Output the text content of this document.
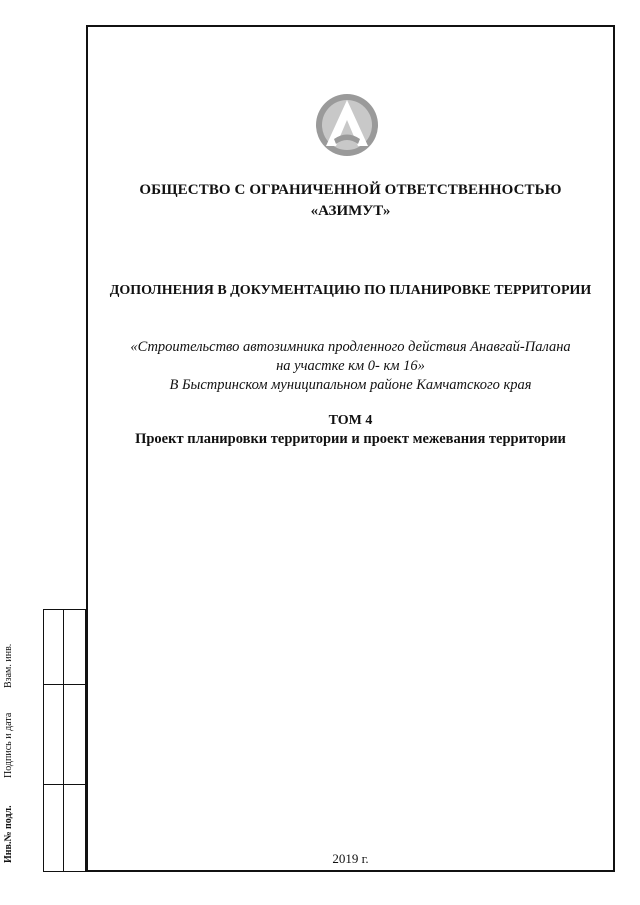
ОБЩЕСТВО С ОГРАНИЧЕННОЙ ОТВЕТСТВЕННОСТЬЮ
«АЗИМУТ»
ДОПОЛНЕНИЯ В ДОКУМЕНТАЦИЮ ПО ПЛАНИРОВКЕ ТЕРРИТОРИИ
«Строительство автозимника продленного действия Анавгай-Палана
на участке км 0- км 16»
В Быстринском муниципальном районе Камчатского края
ТОМ 4
Проект планировки территории и проект межевания территории
2019 г.
Инв.№ подл.
Подпись и дата
Взам. инв.
